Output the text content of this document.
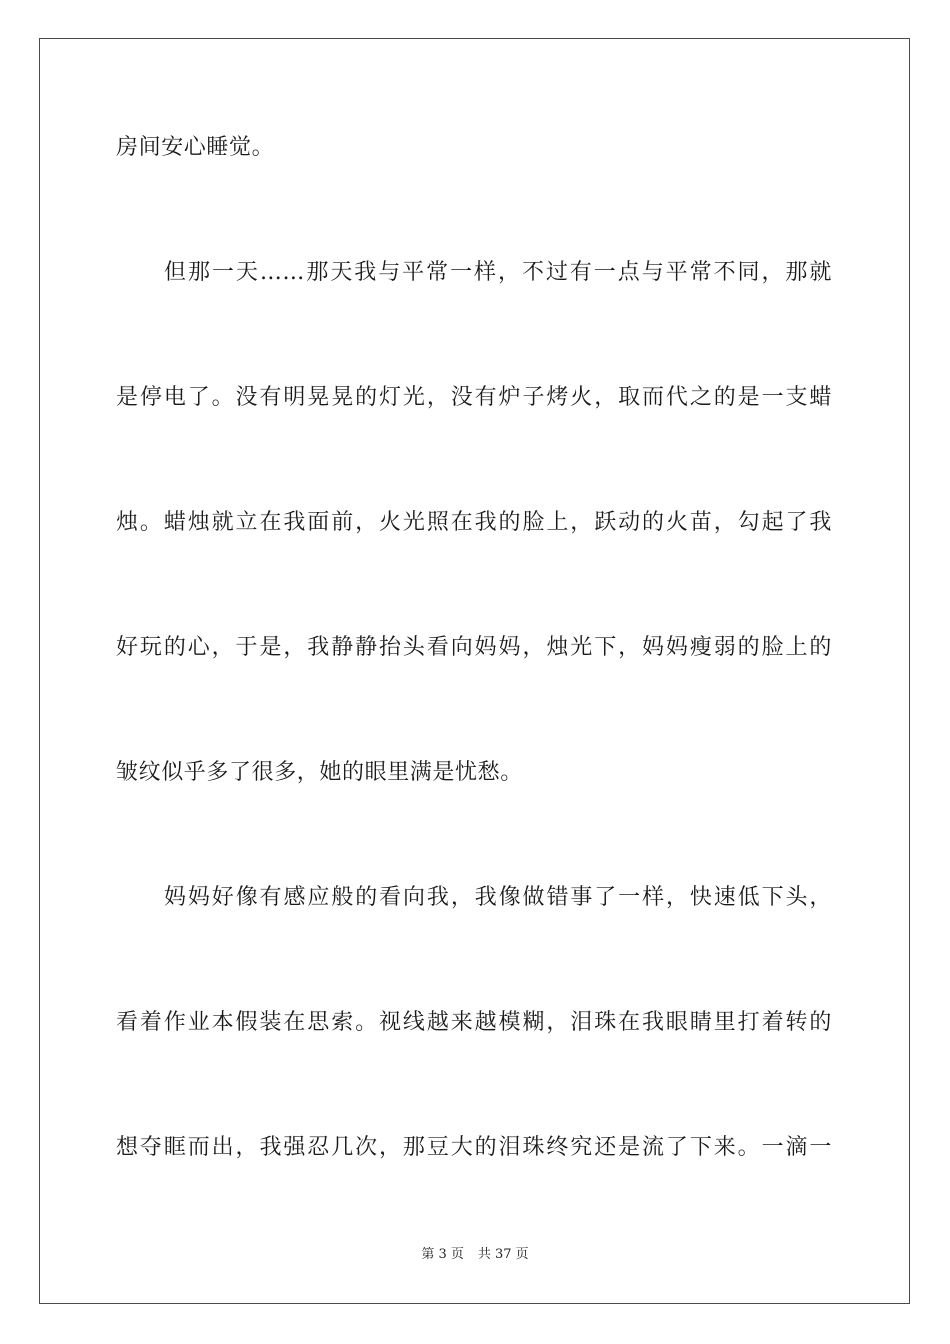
房间安心睡觉。
但那一天……那天我与平常一样，不过有一点与平常不同，那就
是停电了。没有明晃晃的灯光，没有炉子烤火，取而代之的是一支蜡
烛。蜡烛就立在我面前，火光照在我的脸上，跃动的火苗，勾起了我
好玩的心，于是，我静静抬头看向妈妈，烛光下，妈妈瘦弱的脸上的
皱纹似乎多了很多，她的眼里满是忧愁。
妈妈好像有感应般的看向我，我像做错事了一样，快速低下头，
看着作业本假装在思索。视线越来越模糊，泪珠在我眼睛里打着转的
想夺眶而出，我强忍几次，那豆大的泪珠终究还是流了下来。一滴一
第 3 页 共 37 页
